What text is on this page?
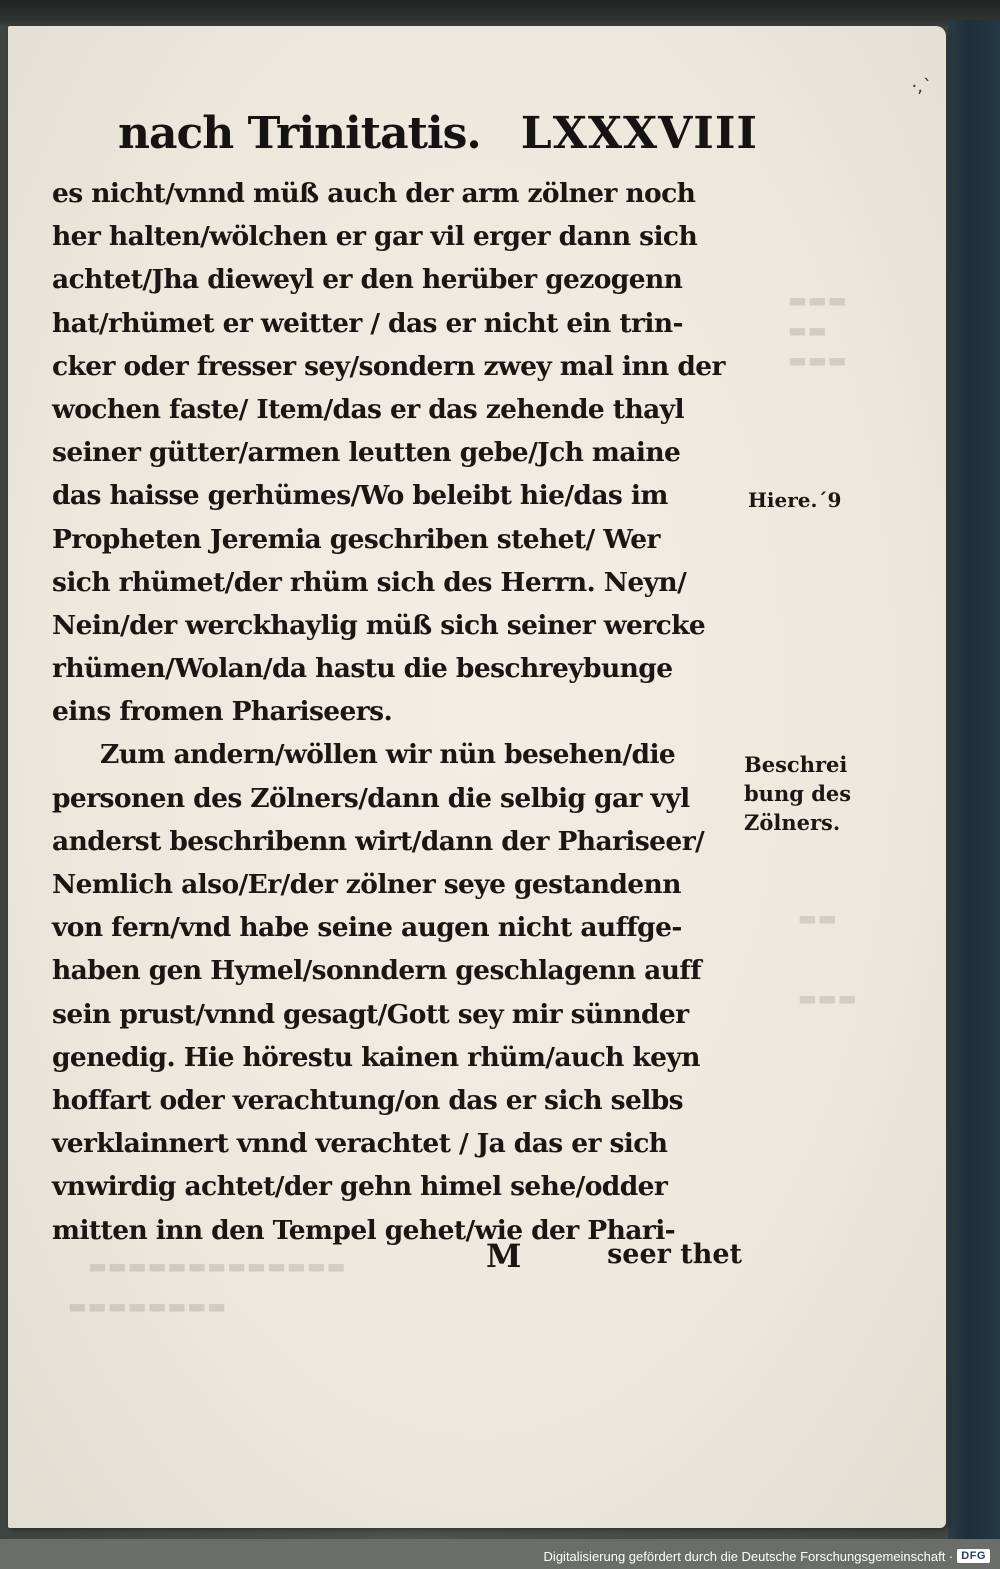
▬▬▬
▬▬
▬▬▬
▬▬
▬▬▬
▬▬▬▬▬▬▬▬▬▬▬▬▬
▬▬▬▬▬▬▬▬
·,`
nach Trinitatis. LXXXVIII
es nicht/vnnd müß auch der arm zölner noch
her halten/wölchen er gar vil erger dann sich
achtet/Jha dieweyl er den herüber gezogenn
hat/rhümet er weitter / das er nicht ein trin-
cker oder fresser sey/sondern zwey mal inn der
wochen faste/ Item/das er das zehende thayl
seiner gütter/armen leutten gebe/Jch maine
das haisse gerhümes/Wo beleibt hie/das im
Propheten Jeremia geschriben stehet/ Wer
sich rhümet/der rhüm sich des Herrn. Neyn/
Nein/der werckhaylig müß sich seiner wercke
rhümen/Wolan/da hastu die beschreybunge
eins fromen Phariseers.
Zum andern/wöllen wir nün besehen/die
personen des Zölners/dann die selbig gar vyl
anderst beschribenn wirt/dann der Phariseer/
Nemlich also/Er/der zölner seye gestandenn
von fern/vnd habe seine augen nicht auffge-
haben gen Hymel/sonndern geschlagenn auff
sein prust/vnnd gesagt/Gott sey mir sünnder
genedig. Hie hörestu kainen rhüm/auch keyn
hoffart oder verachtung/on das er sich selbs
verklainnert vnnd verachtet / Ja das er sich
vnwirdig achtet/der gehn himel sehe/odder
mitten inn den Tempel gehet/wie der Phari-
M	seer thet
Hiere.´9
Beschrei
bung des
Zölners.
Digitalisierung gefördert durch die Deutsche Forschungsgemeinschaft · DFG
